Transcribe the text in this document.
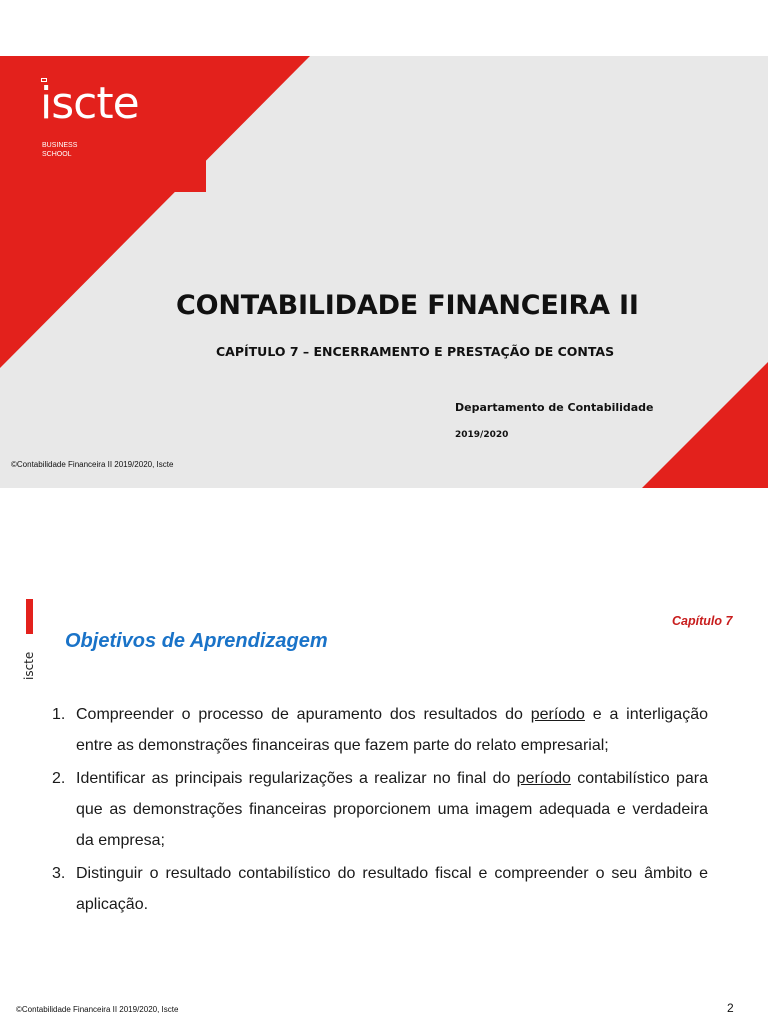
iscte
BUSINESS
SCHOOL
CONTABILIDADE FINANCEIRA II
CAPÍTULO 7 – ENCERRAMENTO E PRESTAÇÃO DE CONTAS
Departamento de Contabilidade
2019/2020
©Contabilidade Financeira II 2019/2020, Iscte
iscte
Capítulo 7
Objetivos de Aprendizagem
1. Compreender o processo de apuramento dos resultados do período e a interligação entre as demonstrações financeiras que fazem parte do relato empresarial;
2. Identificar as principais regularizações a realizar no final do período contabilístico para que as demonstrações financeiras proporcionem uma imagem adequada e verdadeira da empresa;
3. Distinguir o resultado contabilístico do resultado fiscal e compreender o seu âmbito e aplicação.
©Contabilidade Financeira II 2019/2020, Iscte	2
